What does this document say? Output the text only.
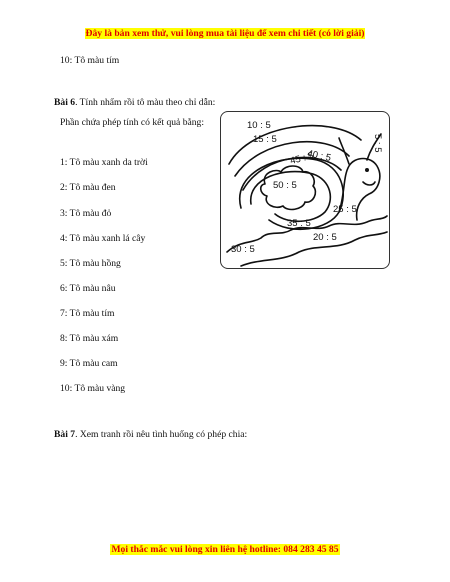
Đây là bản xem thử, vui lòng mua tài liệu để xem chi tiết (có lời giải)
10: Tô màu tím
Bài 6. Tính nhẩm rồi tô màu theo chỉ dẫn:
Phần chứa phép tính có kết quả bằng:
1: Tô màu xanh da trời
2: Tô màu đen
3: Tô màu đỏ
4: Tô màu xanh lá cây
5: Tô màu hồng
6: Tô màu nâu
7: Tô màu tím
8: Tô màu xám
9: Tô màu cam
10: Tô màu vàng
10 : 5
15 : 5
40 : 5
45 : 5
5 : 5
50 : 5
25 : 5
35 : 5
20 : 5
30 : 5
Bài 7. Xem tranh rồi nêu tình huống có phép chia:
Mọi thắc mắc vui lòng xin liên hệ hotline: 084 283 45 85
